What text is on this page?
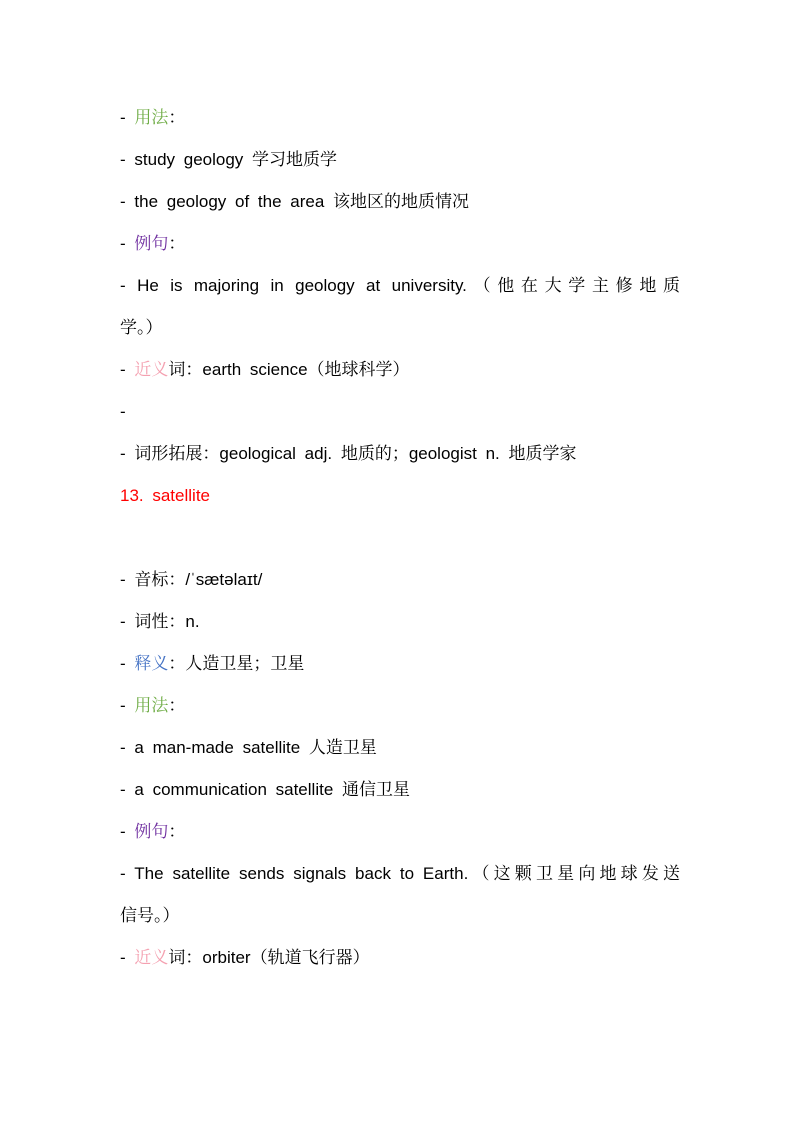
- 用法：
- study geology 学习地质学
- the geology of the area 该地区的地质情况
- 例句：
- He is majoring in geology at university.（他在大学主修地质
学。）
- 近义词：earth science（地球科学）
-
- 词形拓展：geological adj. 地质的；geologist n. 地质学家
13. satellite
- 音标：/ˈsætəlaɪt/
- 词性：n.
- 释义：人造卫星；卫星
- 用法：
- a man-made satellite 人造卫星
- a communication satellite 通信卫星
- 例句：
- The satellite sends signals back to Earth.（这颗卫星向地球发送
信号。）
- 近义词：orbiter（轨道飞行器）
